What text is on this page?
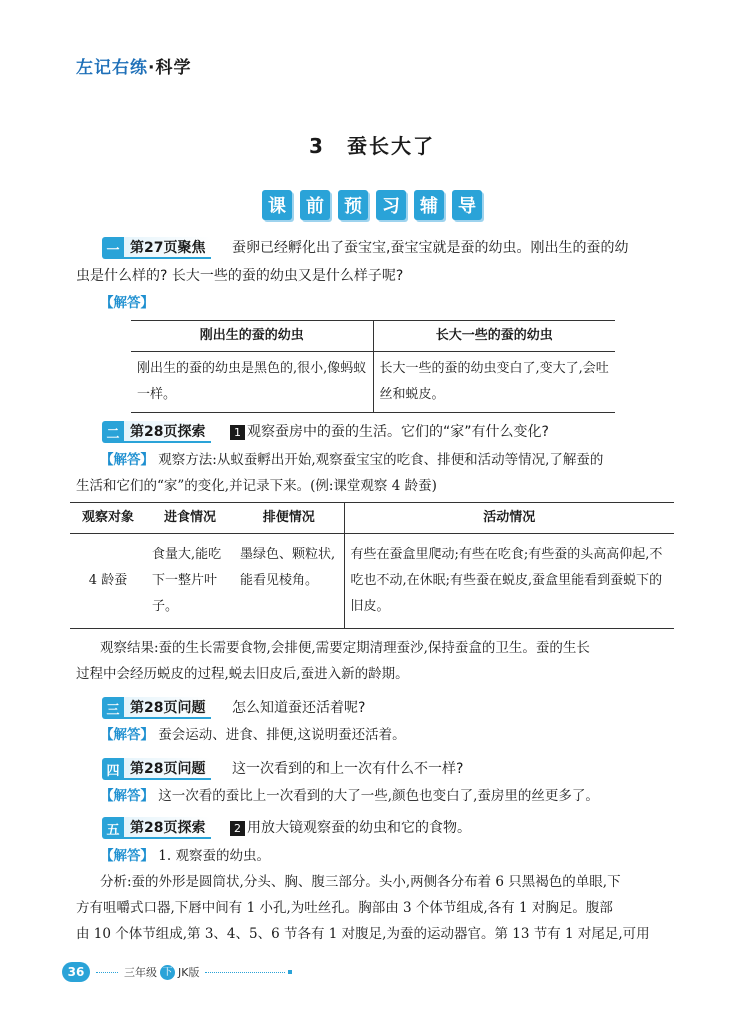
左记右练·科学
3 蚕长大了
课	前	预	习	辅	导
一 第27页聚焦	蚕卵已经孵化出了蚕宝宝,蚕宝宝就是蚕的幼虫。刚出生的蚕的幼
虫是什么样的? 长大一些的蚕的幼虫又是什么样子呢?
【解答】
刚出生的蚕的幼虫	长大一些的蚕的幼虫
刚出生的蚕的幼虫是黑色的,很小,像蚂蚁一样。	长大一些的蚕的幼虫变白了,变大了,会吐丝和蜕皮。
二 第28页探索	1 观察蚕房中的蚕的生活。它们的“家”有什么变化?
【解答】 观察方法:从蚁蚕孵出开始,观察蚕宝宝的吃食、排便和活动等情况,了解蚕的
生活和它们的“家”的变化,并记录下来。(例:课堂观察 4 龄蚕)
观察对象	进食情况	排便情况	活动情况
4 龄蚕	食量大,能吃下一整片叶子。	墨绿色、颗粒状,能看见棱角。	有些在蚕盒里爬动;有些在吃食;有些蚕的头高高仰起,不吃也不动,在休眠;有些蚕在蜕皮,蚕盒里能看到蚕蜕下的旧皮。
观察结果:蚕的生长需要食物,会排便,需要定期清理蚕沙,保持蚕盒的卫生。蚕的生长
过程中会经历蜕皮的过程,蜕去旧皮后,蚕进入新的龄期。
三 第28页问题	怎么知道蚕还活着呢?
【解答】 蚕会运动、进食、排便,这说明蚕还活着。
四 第28页问题	这一次看到的和上一次有什么不一样?
【解答】 这一次看的蚕比上一次看到的大了一些,颜色也变白了,蚕房里的丝更多了。
五 第28页探索	2 用放大镜观察蚕的幼虫和它的食物。
【解答】 1. 观察蚕的幼虫。
分析:蚕的外形是圆筒状,分头、胸、腹三部分。头小,两侧各分布着 6 只黑褐色的单眼,下
方有咀嚼式口器,下唇中间有 1 小孔,为吐丝孔。胸部由 3 个体节组成,各有 1 对胸足。腹部
由 10 个体节组成,第 3、4、5、6 节各有 1 对腹足,为蚕的运动器官。第 13 节有 1 对尾足,可用
36	三年级 下 JK版
